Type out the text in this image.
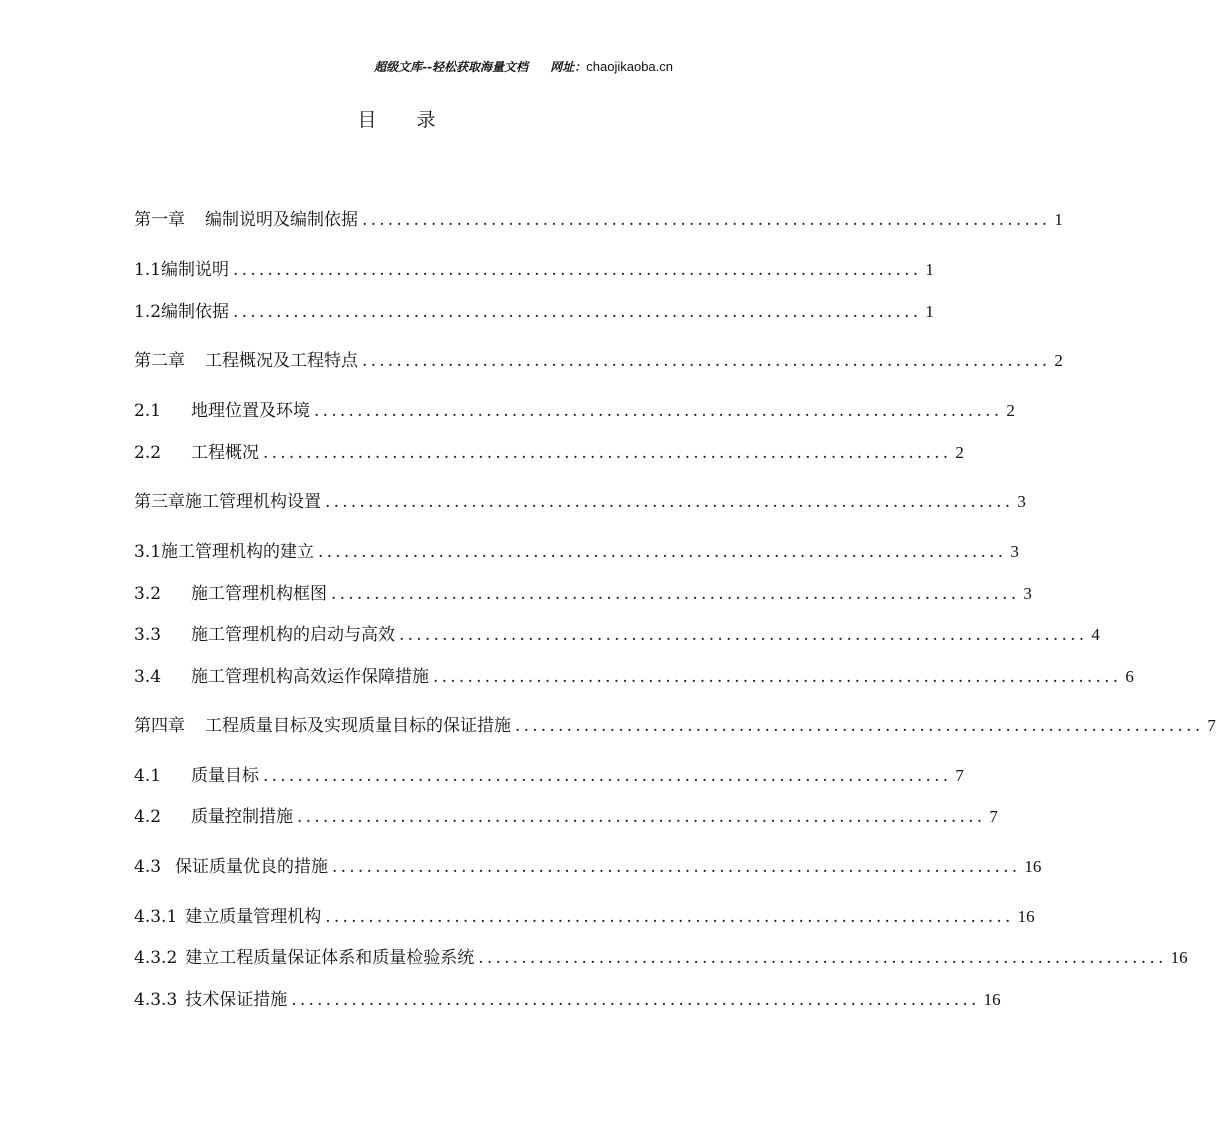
超级文库--轻松获取海量文档 网址：chaojikaoba.cn
目 录
第一章 编制说明及编制依据 ................................................................................ 1
1.1 编制说明 ................................................................................ 1
1.2 编制依据 ................................................................................ 1
第二章 工程概况及工程特点 ................................................................................ 2
2.1 地理位置及环境 ................................................................................ 2
2.2 工程概况 ................................................................................ 2
第三章 施工管理机构设置 ................................................................................ 3
3.1 施工管理机构的建立 ................................................................................ 3
3.2 施工管理机构框图 ................................................................................ 3
3.3 施工管理机构的启动与高效 ................................................................................ 4
3.4 施工管理机构高效运作保障措施 ................................................................................ 6
第四章 工程质量目标及实现质量目标的保证措施 ................................................................................ 7
4.1 质量目标 ................................................................................ 7
4.2 质量控制措施 ................................................................................ 7
4.3 保证质量优良的措施 ................................................................................ 16
4.3.1 建立质量管理机构 ................................................................................ 16
4.3.2 建立工程质量保证体系和质量检验系统 ................................................................................ 16
4.3.3 技术保证措施 ................................................................................ 16
